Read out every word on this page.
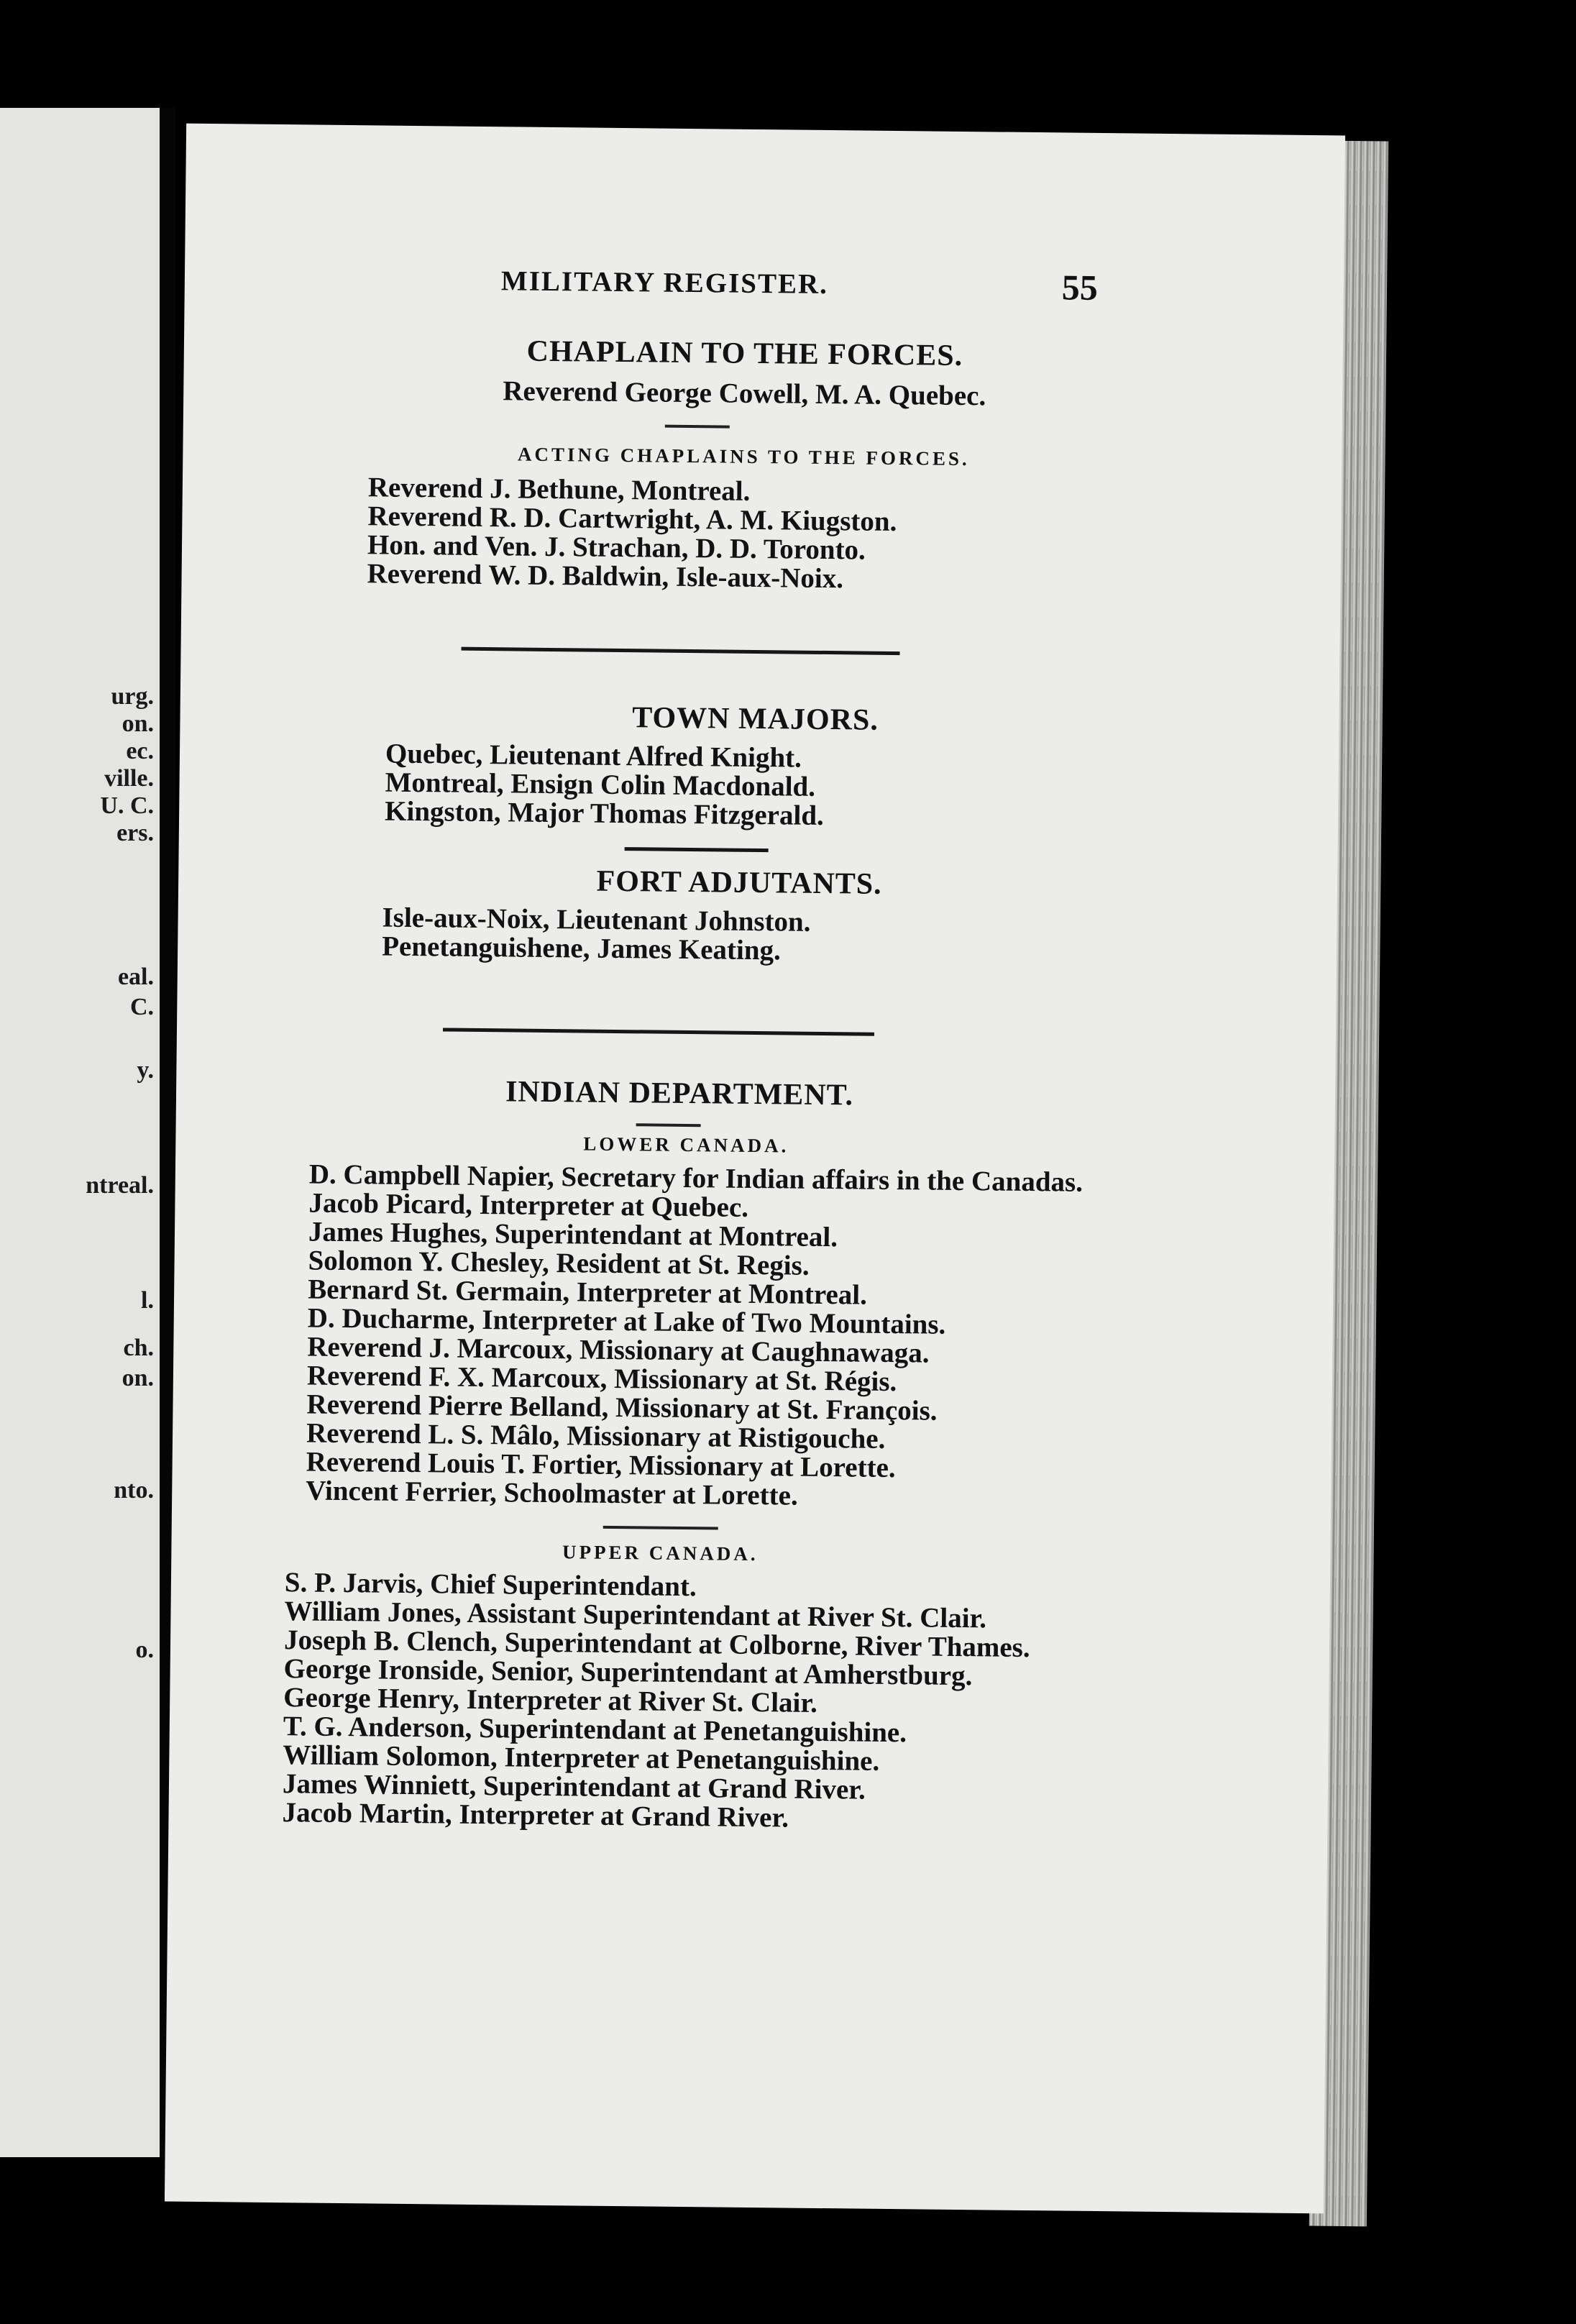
urg.
on.
ec.
ville.
U. C.
ers.
eal.
C.
y.
ntreal.
l.
ch.
on.
nto.
o.
MILITARY REGISTER.	55
CHAPLAIN TO THE FORCES.
Reverend George Cowell, M. A. Quebec.
ACTING CHAPLAINS TO THE FORCES.
Reverend J. Bethune, Montreal.
Reverend R. D. Cartwright, A. M. Kiugston.
Hon. and Ven. J. Strachan, D. D. Toronto.
Reverend W. D. Baldwin, Isle-aux-Noix.
TOWN MAJORS.
Quebec, Lieutenant Alfred Knight.
Montreal, Ensign Colin Macdonald.
Kingston, Major Thomas Fitzgerald.
FORT ADJUTANTS.
Isle-aux-Noix, Lieutenant Johnston.
Penetanguishene, James Keating.
INDIAN DEPARTMENT.
LOWER CANADA.
D. Campbell Napier, Secretary for Indian affairs in the Canadas.
Jacob Picard, Interpreter at Quebec.
James Hughes, Superintendant at Montreal.
Solomon Y. Chesley, Resident at St. Regis.
Bernard St. Germain, Interpreter at Montreal.
D. Ducharme, Interpreter at Lake of Two Mountains.
Reverend J. Marcoux, Missionary at Caughnawaga.
Reverend F. X. Marcoux, Missionary at St. Régis.
Reverend Pierre Belland, Missionary at St. François.
Reverend L. S. Mâlo, Missionary at Ristigouche.
Reverend Louis T. Fortier, Missionary at Lorette.
Vincent Ferrier, Schoolmaster at Lorette.
UPPER CANADA.
S. P. Jarvis, Chief Superintendant.
William Jones, Assistant Superintendant at River St. Clair.
Joseph B. Clench, Superintendant at Colborne, River Thames.
George Ironside, Senior, Superintendant at Amherstburg.
George Henry, Interpreter at River St. Clair.
T. G. Anderson, Superintendant at Penetanguishine.
William Solomon, Interpreter at Penetanguishine.
James Winniett, Superintendant at Grand River.
Jacob Martin, Interpreter at Grand River.
